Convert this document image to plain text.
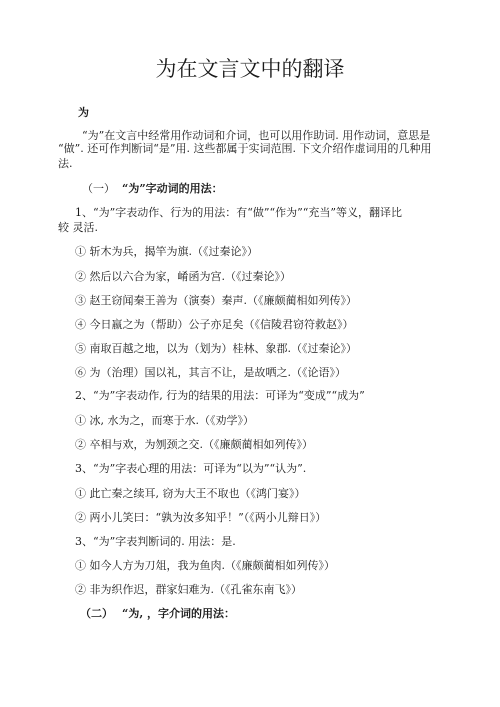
为在文言文中的翻译
为
“为”在文言中经常用作动词和介词，也可以用作助词. 用作动词，意思是
“做”. 还可作判断词“是”用. 这些都属于实词范围. 下文介绍作虚词用的几种用
法.
（一） “为”字动词的用法：
1、“为”字表动作、行为的用法：有“做”“作为”“充当”等义，翻译比
较 灵活.
① 斩木为兵，揭竿为旗.（《过秦论》）
② 然后以六合为家，崤函为宫.（《过秦论》）
③ 赵王窃闻秦王善为（演奏）秦声.（《廉颇蔺相如列传》）
④ 今日嬴之为（帮助）公子亦足矣（《信陵君窃符救赵》）
⑤ 南取百越之地，以为（划为）桂林、象郡.（《过秦论》）
⑥ 为（治理）国以礼，其言不让，是故哂之.（《论语》）
2、“为”字表动作, 行为的结果的用法：可译为“变成”“成为”
① 冰, 水为之，而寒于水.（《劝学》）
② 卒相与欢，为刎颈之交.（《廉颇蔺相如列传》）
3、“为”字表心理的用法：可译为“以为”“认为”.
① 此亡秦之续耳, 窃为大王不取也（《鸿门宴》）
② 两小儿笑曰：“孰为汝多知乎！”（《两小儿辩日》）
3、“为”字表判断词的. 用法：是.
① 如今人方为刀俎，我为鱼肉.（《廉颇蔺相如列传》）
② 非为织作迟，群家妇难为.（《孔雀东南飞》）
（二） “为, ，字介词的用法：
